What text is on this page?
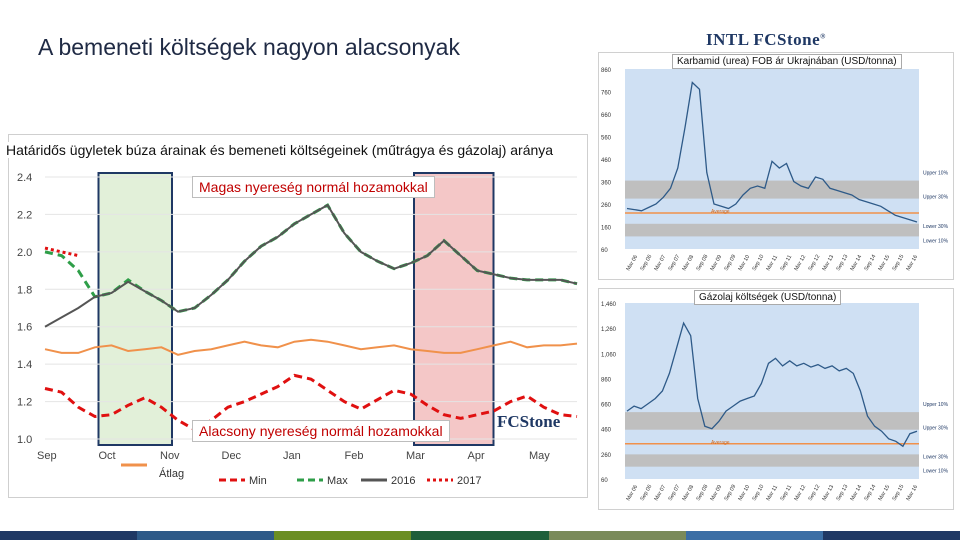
A bemeneti költségek nagyon alacsonyak	INTL FCStone®
1.0
1.2
1.4
1.6
1.8
2.0
2.2
2.4
Sep	Oct	Nov	Dec	Jan	Feb	Mar	Apr	May
Átlag
Min	Max	2016	2017
Határidős ügyletek búza árainak és bemeneti költségeinek (műtrágya és gázolaj) aránya
Magas nyereség normál hozamokkal
Alacsony nyereség normál hozamokkal	FCStone
Upper 10%
Upper 30%
Average
Lower 30%
Lower 10%
60
160
260
360
460
560
660
760
860
Mar 06 Sep 06 Mar 07 Sep 07 Mar 08 Sep 08 Mar 09 Sep 09 Mar 10 Sep 10 Mar 11 Sep 11 Mar 12 Sep 12 Mar 13 Sep 13 Mar 14 Sep 14 Mar 15 Sep 15 Mar 16
Karbamid (urea) FOB ár Ukrajnában (USD/tonna)
Upper 10%
Upper 30%
Average
Lower 30%
Lower 10%
60
260
460
660
860
1,060
1,260
1,460
Mar 06 Sep 06 Mar 07 Sep 07 Mar 08 Sep 08 Mar 09 Sep 09 Mar 10 Sep 10 Mar 11 Sep 11 Mar 12 Sep 12 Mar 13 Sep 13 Mar 14 Sep 14 Mar 15 Sep 15 Mar 16
Gázolaj költségek (USD/tonna)
